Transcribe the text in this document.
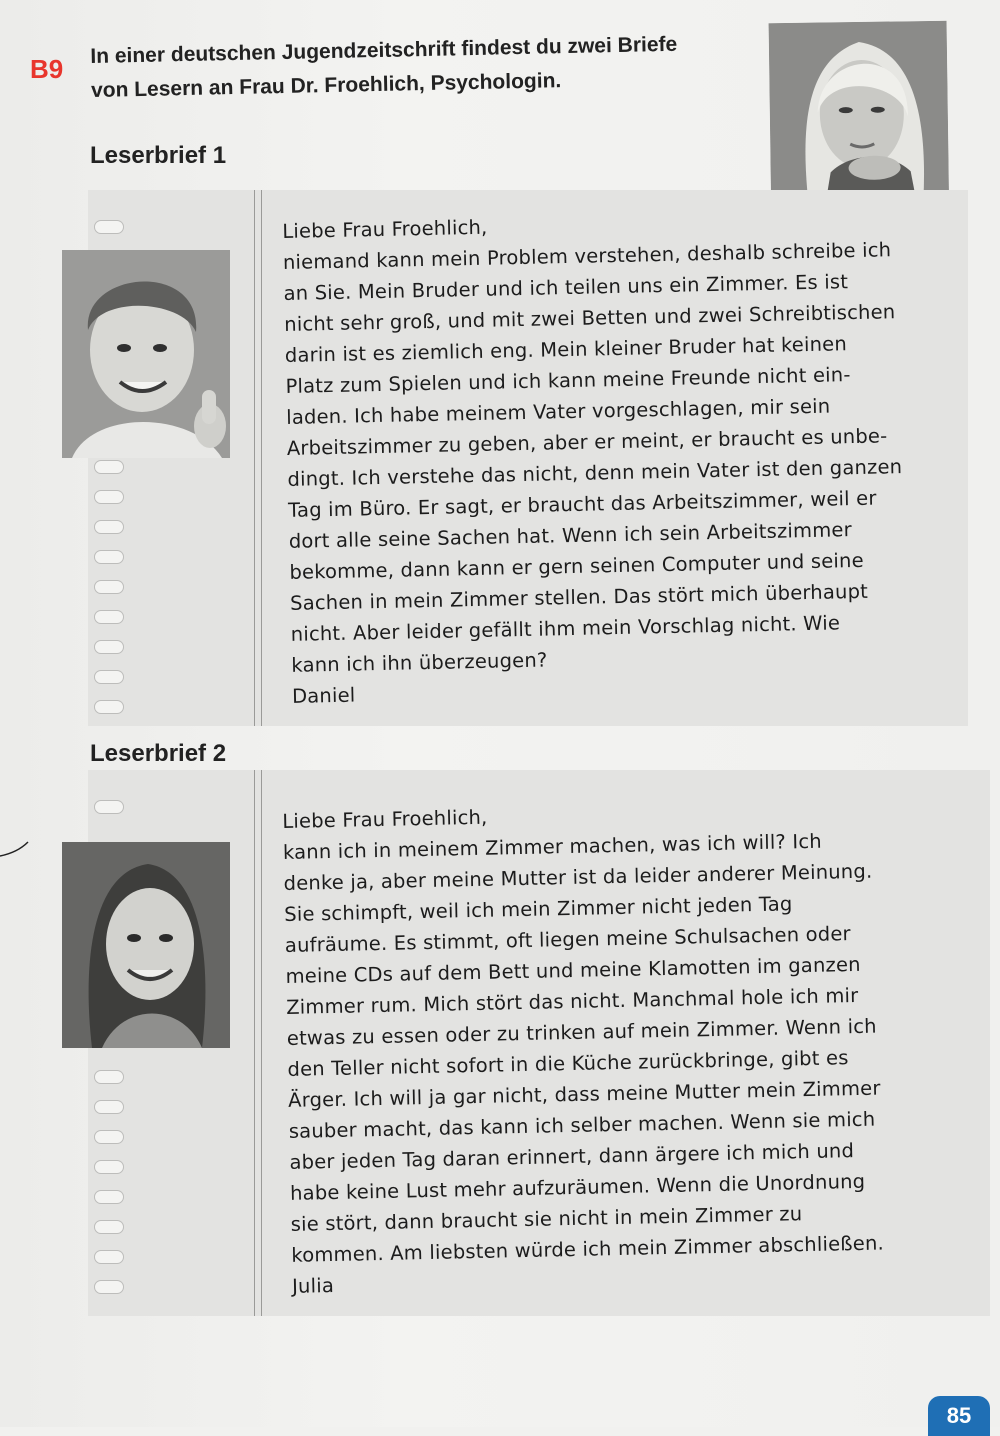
B9
In einer deutschen Jugendzeitschrift findest du zwei Briefe
von Lesern an Frau Dr. Froehlich, Psychologin.
Leserbrief 1

Liebe Frau Froehlich,

niemand kann mein Problem verstehen, deshalb schreibe ich

an Sie. Mein Bruder und ich teilen uns ein Zimmer. Es ist

nicht sehr groß, und mit zwei Betten und zwei Schreibtischen

darin ist es ziemlich eng. Mein kleiner Bruder hat keinen

Platz zum Spielen und ich kann meine Freunde nicht ein-

laden. Ich habe meinem Vater vorgeschlagen, mir sein

Arbeitszimmer zu geben, aber er meint, er braucht es unbe-

dingt. Ich verstehe das nicht, denn mein Vater ist den ganzen

Tag im Büro. Er sagt, er braucht das Arbeitszimmer, weil er

dort alle seine Sachen hat. Wenn ich sein Arbeitszimmer

bekomme, dann kann er gern seinen Computer und seine

Sachen in mein Zimmer stellen. Das stört mich überhaupt

nicht. Aber leider gefällt ihm mein Vorschlag nicht. Wie

kann ich ihn überzeugen?

Daniel

Leserbrief 2

Liebe Frau Froehlich,

kann ich in meinem Zimmer machen, was ich will? Ich

denke ja, aber meine Mutter ist da leider anderer Meinung.

Sie schimpft, weil ich mein Zimmer nicht jeden Tag

aufräume. Es stimmt, oft liegen meine Schulsachen oder

meine CDs auf dem Bett und meine Klamotten im ganzen

Zimmer rum. Mich stört das nicht. Manchmal hole ich mir

etwas zu essen oder zu trinken auf mein Zimmer. Wenn ich

den Teller nicht sofort in die Küche zurückbringe, gibt es

Ärger. Ich will ja gar nicht, dass meine Mutter mein Zimmer

sauber macht, das kann ich selber machen. Wenn sie mich

aber jeden Tag daran erinnert, dann ärgere ich mich und

habe keine Lust mehr aufzuräumen. Wenn die Unordnung

sie stört, dann braucht sie nicht in mein Zimmer zu

kommen. Am liebsten würde ich mein Zimmer abschließen.

Julia

85
